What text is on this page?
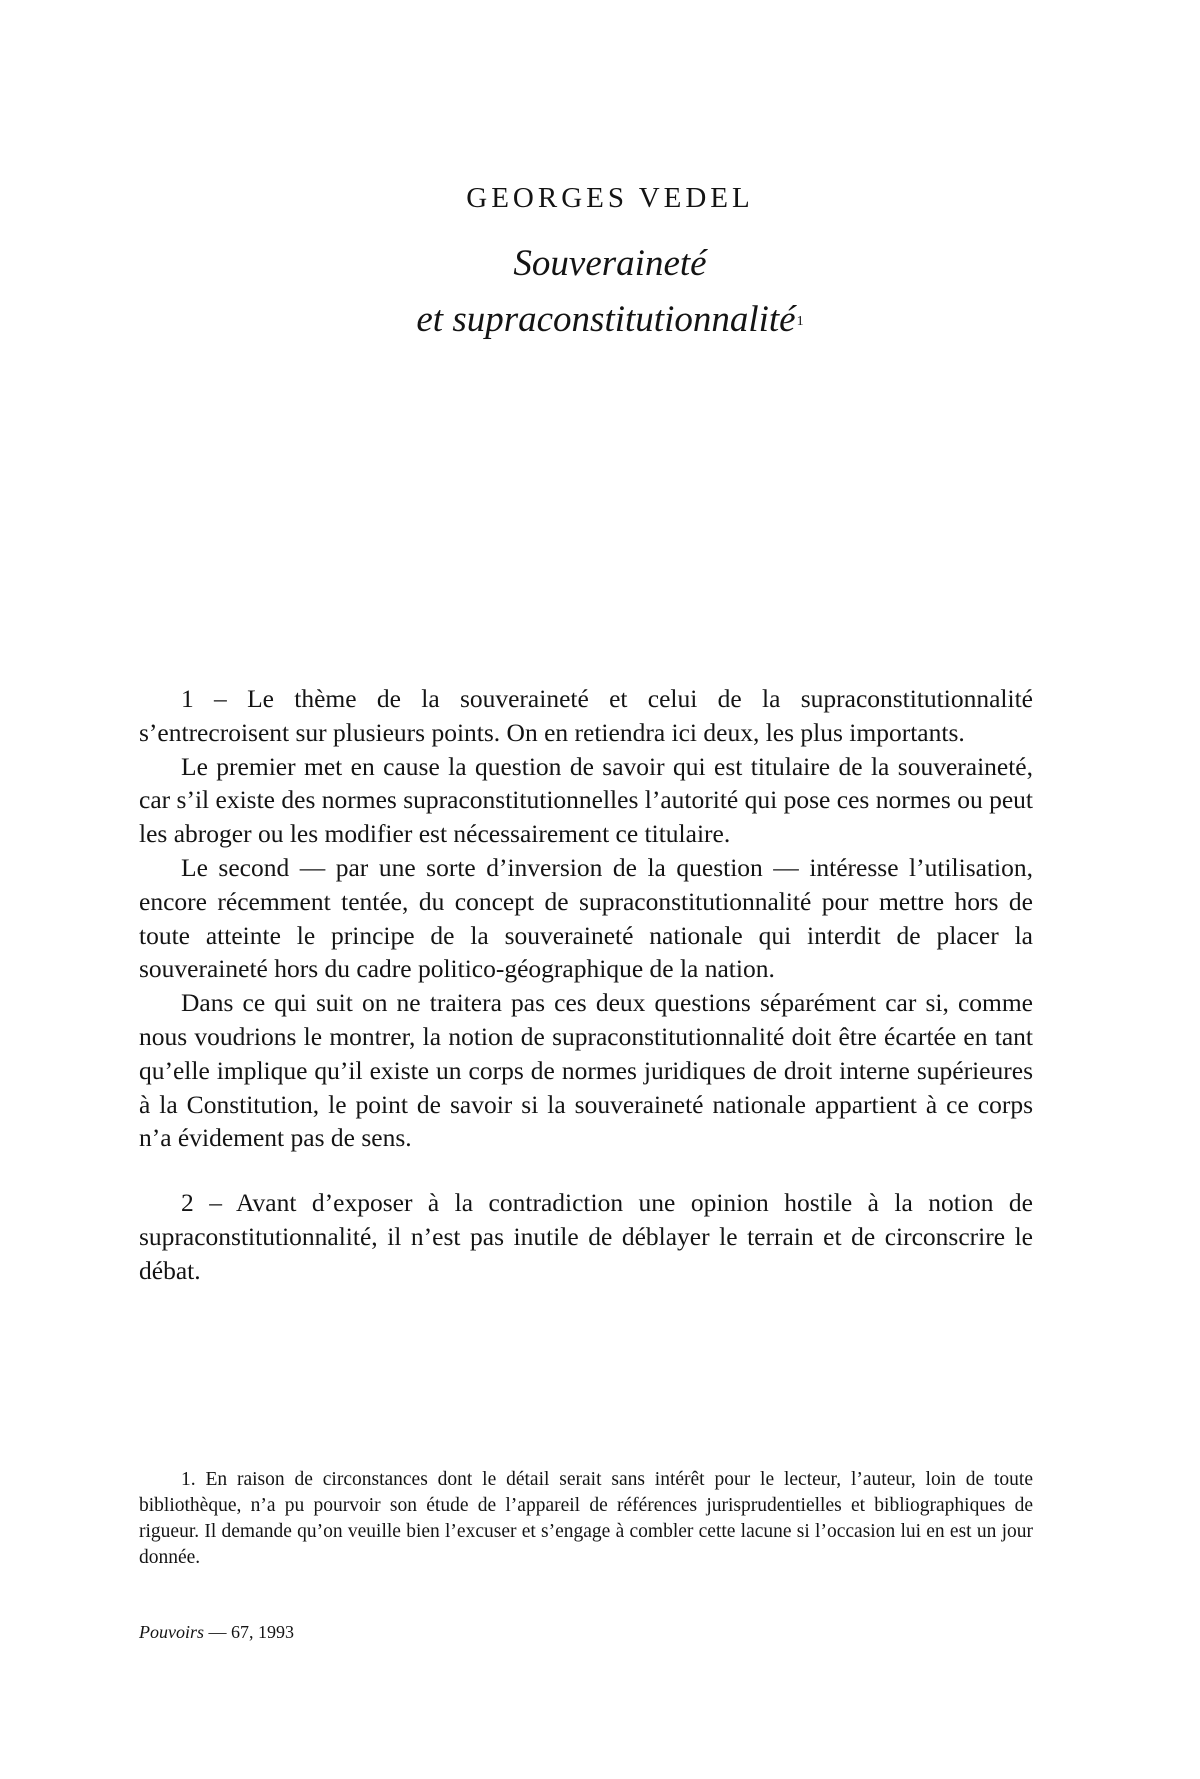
GEORGES VEDEL
Souveraineté
et supraconstitutionnalité$^1$

1 – Le thème de la souveraineté et celui de la supraconstitutionnalité s’entrecroisent sur plusieurs points. On en retiendra ici deux, les plus importants.

Le premier met en cause la question de savoir qui est titulaire de la souveraineté, car s’il existe des normes supraconstitutionnelles l’autorité qui pose ces normes ou peut les abroger ou les modifier est nécessairement ce titulaire.

Le second — par une sorte d’inversion de la question — intéresse l’utilisation, encore récemment tentée, du concept de supraconstitutionnalité pour mettre hors de toute atteinte le principe de la souveraineté nationale qui interdit de placer la souveraineté hors du cadre politico-géographique de la nation.

Dans ce qui suit on ne traitera pas ces deux questions séparément car si, comme nous voudrions le montrer, la notion de supraconstitutionnalité doit être écartée en tant qu’elle implique qu’il existe un corps de normes juridiques de droit interne supérieures à la Constitution, le point de savoir si la souveraineté nationale appartient à ce corps n’a évidement pas de sens.

2 – Avant d’exposer à la contradiction une opinion hostile à la notion de supraconstitutionnalité, il n’est pas inutile de déblayer le terrain et de circonscrire le débat.

1. En raison de circonstances dont le détail serait sans intérêt pour le lecteur, l’auteur, loin de toute bibliothèque, n’a pu pourvoir son étude de l’appareil de références jurisprudentielles et bibliographiques de rigueur. Il demande qu’on veuille bien l’excuser et s’engage à combler cette lacune si l’occasion lui en est un jour donnée.

Pouvoirs — 67, 1993
